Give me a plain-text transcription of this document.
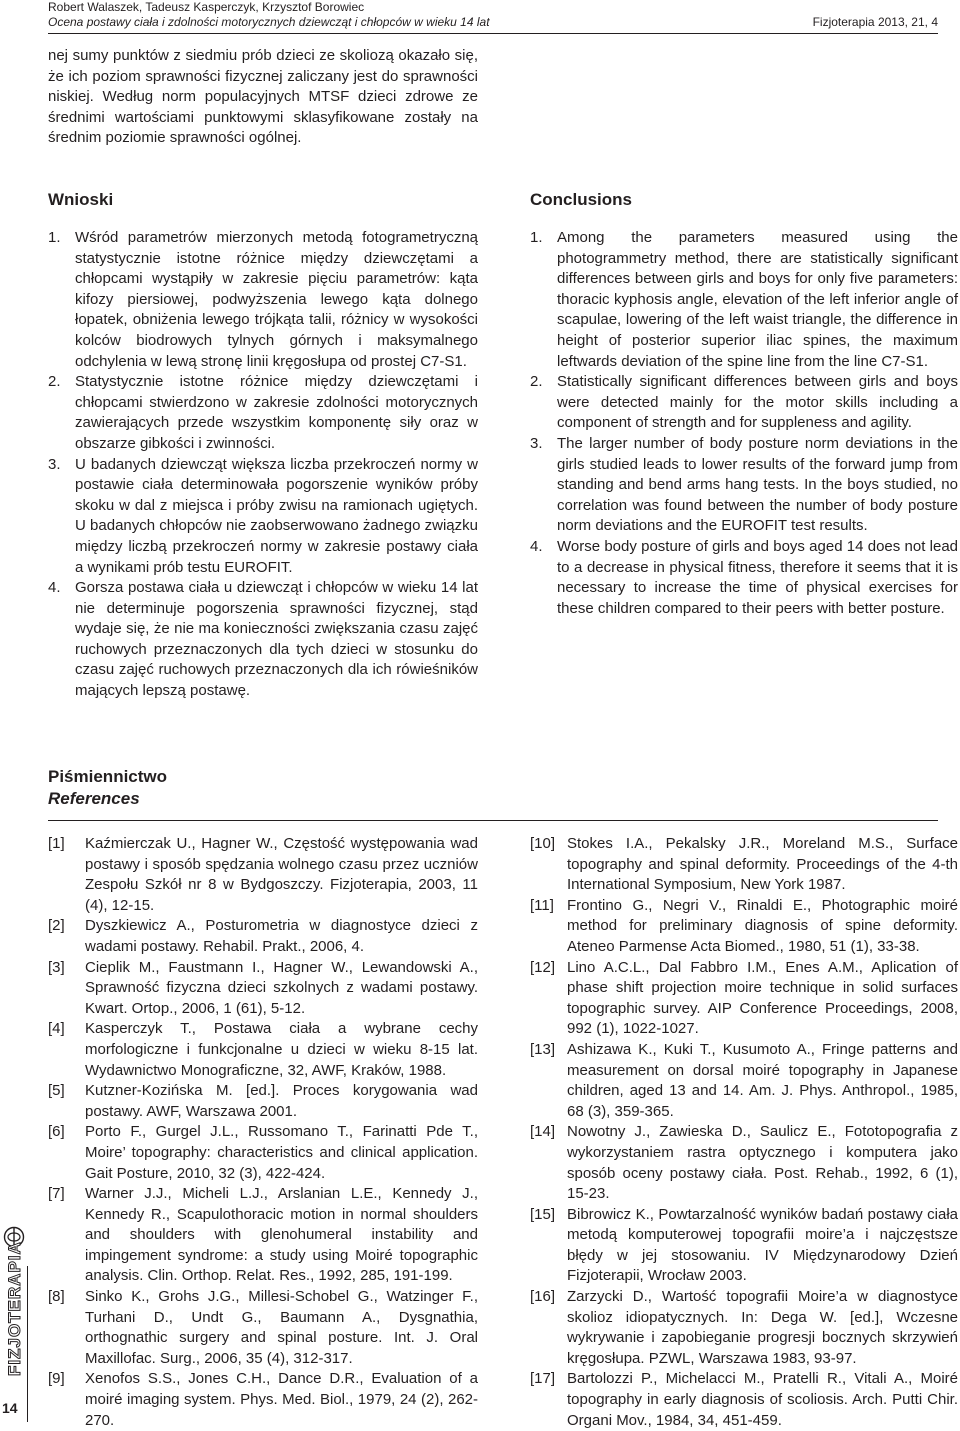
Robert Walaszek, Tadeusz Kasperczyk, Krzysztof Borowiec
Ocena postawy ciała i zdolności motorycznych dziewcząt i chłopców w wieku 14 lat	Fizjoterapia 2013, 21, 4

nej sumy punktów z siedmiu prób dzieci ze skoliozą okazało się, że ich poziom sprawności fizycznej zaliczany jest do sprawności niskiej. Według norm populacyjnych MTSF dzieci zdrowe ze średnimi wartościami punktowymi sklasyfikowane zostały na średnim poziomie sprawności ogólnej.

Wnioski
1. Wśród parametrów mierzonych metodą fotogrametryczną statystycznie istotne różnice między dziewczętami a chłopcami wystąpiły w zakresie pięciu parametrów: kąta kifozy piersiowej, podwyższenia lewego kąta dolnego łopatek, obniżenia lewego trójkąta talii, różnicy w wysokości kolców biodrowych tylnych górnych i maksymalnego odchylenia w lewą stronę linii kręgosłupa od prostej C7-S1.
2. Statystycznie istotne różnice między dziewczętami i chłopcami stwierdzono w zakresie zdolności motorycznych zawierających przede wszystkim komponentę siły oraz w obszarze gibkości i zwinności.
3. U badanych dziewcząt większa liczba przekroczeń normy w postawie ciała determinowała pogorszenie wyników próby skoku w dal z miejsca i próby zwisu na ramionach ugiętych. U badanych chłopców nie zaobserwowano żadnego związku między liczbą przekroczeń normy w zakresie postawy ciała a wynikami prób testu EUROFIT.
4. Gorsza postawa ciała u dziewcząt i chłopców w wieku 14 lat nie determinuje pogorszenia sprawności fizycznej, stąd wydaje się, że nie ma konieczności zwiększania czasu zajęć ruchowych przeznaczonych dla tych dzieci w stosunku do czasu zajęć ruchowych przeznaczonych dla ich rówieśników mających lepszą postawę.
Conclusions
1. Among the parameters measured using the photogrammetry method, there are statistically significant differences between girls and boys for only five parameters: thoracic kyphosis angle, elevation of the left inferior angle of scapulae, lowering of the left waist triangle, the difference in height of posterior superior iliac spines, the maximum leftwards deviation of the spine line from the line C7-S1.
2. Statistically significant differences between girls and boys were detected mainly for the motor skills including a component of strength and for suppleness and agility.
3. The larger number of body posture norm deviations in the girls studied leads to lower results of the forward jump from standing and bend arms hang tests. In the boys studied, no correlation was found between the number of body posture norm deviations and the EUROFIT test results.
4. Worse body posture of girls and boys aged 14 does not lead to a decrease in physical fitness, therefore it seems that it is necessary to increase the time of physical exercises for these children compared to their peers with better posture.
Piśmiennictwo
References
[1] Kaźmierczak U., Hagner W., Częstość występowania wad postawy i sposób spędzania wolnego czasu przez uczniów Zespołu Szkół nr 8 w Bydgoszczy. Fizjoterapia, 2003, 11 (4), 12-15.
[2] Dyszkiewicz A., Posturometria w diagnostyce dzieci z wadami postawy. Rehabil. Prakt., 2006, 4.
[3] Cieplik M., Faustmann I., Hagner W., Lewandowski A., Sprawność fizyczna dzieci szkolnych z wadami postawy. Kwart. Ortop., 2006, 1 (61), 5-12.
[4] Kasperczyk T., Postawa ciała a wybrane cechy morfologiczne i funkcjonalne u dzieci w wieku 8-15 lat. Wydawnictwo Monograficzne, 32, AWF, Kraków, 1988.
[5] Kutzner-Kozińska M. [ed.]. Proces korygowania wad postawy. AWF, Warszawa 2001.
[6] Porto F., Gurgel J.L., Russomano T., Farinatti Pde T., Moire’ topography: characteristics and clinical application. Gait Posture, 2010, 32 (3), 422-424.
[7] Warner J.J., Micheli L.J., Arslanian L.E., Kennedy J., Kennedy R., Scapulothoracic motion in normal shoulders and shoulders with glenohumeral instability and impingement syndrome: a study using Moiré topographic analysis. Clin. Orthop. Relat. Res., 1992, 285, 191-199.
[8] Sinko K., Grohs J.G., Millesi-Schobel G., Watzinger F., Turhani D., Undt G., Baumann A., Dysgnathia, orthognathic surgery and spinal posture. Int. J. Oral Maxillofac. Surg., 2006, 35 (4), 312-317.
[9] Xenofos S.S., Jones C.H., Dance D.R., Evaluation of a moiré imaging system. Phys. Med. Biol., 1979, 24 (2), 262-270.
[10] Stokes I.A., Pekalsky J.R., Moreland M.S., Surface topography and spinal deformity. Proceedings of the 4-th International Symposium, New York 1987.
[11] Frontino G., Negri V., Rinaldi E., Photographic moiré method for preliminary diagnosis of spine deformity. Ateneo Parmense Acta Biomed., 1980, 51 (1), 33-38.
[12] Lino A.C.L., Dal Fabbro I.M., Enes A.M., Aplication of phase shift projection moire technique in solid surfaces topographic survey. AIP Conference Proceedings, 2008, 992 (1), 1022-1027.
[13] Ashizawa K., Kuki T., Kusumoto A., Fringe patterns and measurement on dorsal moiré topography in Japanese children, aged 13 and 14. Am. J. Phys. Anthropol., 1985, 68 (3), 359-365.
[14] Nowotny J., Zawieska D., Saulicz E., Fototopografia z wykorzystaniem rastra optycznego i komputera jako sposób oceny postawy ciała. Post. Rehab., 1992, 6 (1), 15-23.
[15] Bibrowicz K., Powtarzalność wyników badań postawy ciała metodą komputerowej topografii moire’a i najczęstsze błędy w jej stosowaniu. IV Międzynarodowy Dzień Fizjoterapii, Wrocław 2003.
[16] Zarzycki D., Wartość topografii Moire’a w diagnostyce skolioz idiopatycznych. In: Dega W. [ed.], Wczesne wykrywanie i zapobieganie progresji bocznych skrzywień kręgosłupa. PZWL, Warszawa 1983, 93-97.
[17] Bartolozzi P., Michelacci M., Pratelli R., Vitali A., Moiré topography in early diagnosis of scoliosis. Arch. Putti Chir. Organi Mov., 1984, 34, 451-459.
FIZJOTERAPIA
14
